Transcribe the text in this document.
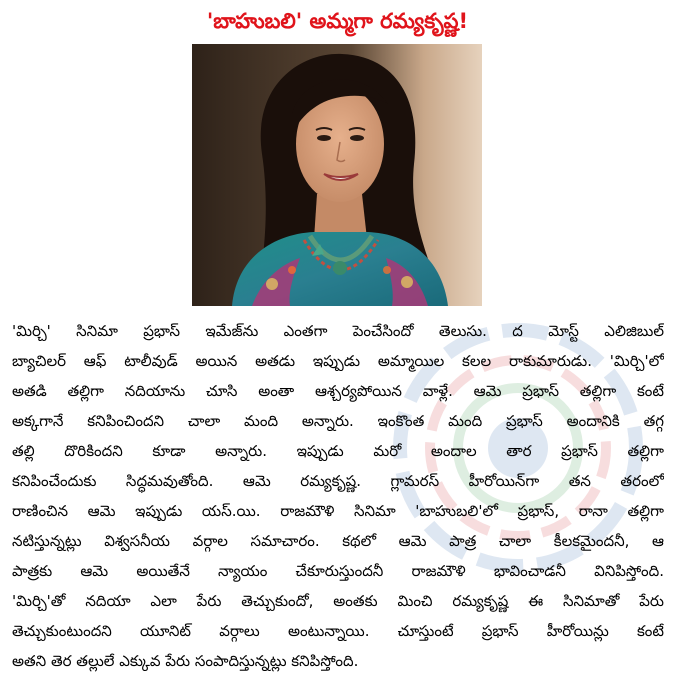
'బాహుబలి' అమ్మగా రమ్యకృష్ణ!
'మిర్చి' సినిమా ప్రభాస్ ఇమేజ్‌ను ఎంతగా పెంచేసిందో తెలుసు. ద మోస్ట్ ఎలిజిబుల్
బ్యాచిలర్ ఆఫ్ టాలీవుడ్ అయిన అతడు ఇప్పుడు అమ్మాయిల కలల రాకుమారుడు. 'మిర్చి'లో
అతడి తల్లిగా నదియాను చూసి అంతా ఆశ్చర్యపోయిన వాళ్లే. ఆమె ప్రభాస్ తల్లిగా కంటే
అక్కగానే కనిపించిందని చాలా మంది అన్నారు. ఇంకొంత మంది ప్రభాస్ అందానికి తగ్గ
తల్లి దొరికిందని కూడా అన్నారు. ఇప్పుడు మరో అందాల తార ప్రభాస్ తల్లిగా
కనిపించేందుకు సిద్ధమవుతోంది. ఆమె రమ్యకృష్ణ. గ్లామరస్ హీరోయిన్‌గా తన తరంలో
రాణించిన ఆమె ఇప్పుడు యస్.యి. రాజమౌళి సినిమా 'బాహుబలి'లో ప్రభాస్, రానా తల్లిగా
నటిస్తున్నట్లు విశ్వసనీయ వర్గాల సమాచారం. కథలో ఆమె పాత్ర చాలా కీలకమైందనీ, ఆ
పాత్రకు ఆమె అయితేనే న్యాయం చేకూరుస్తుందనీ రాజమౌళి భావించాడనీ వినిపిస్తోంది.
'మిర్చి'తో నదియా ఎలా పేరు తెచ్చుకుందో, అంతకు మించి రమ్యకృష్ణ ఈ సినిమాతో పేరు
తెచ్చుకుంటుందని యూనిట్ వర్గాలు అంటున్నాయి. చూస్తుంటే ప్రభాస్ హీరోయిన్లు కంటే
అతని తెర తల్లులే ఎక్కువ పేరు సంపాదిస్తున్నట్లు కనిపిస్తోంది.
